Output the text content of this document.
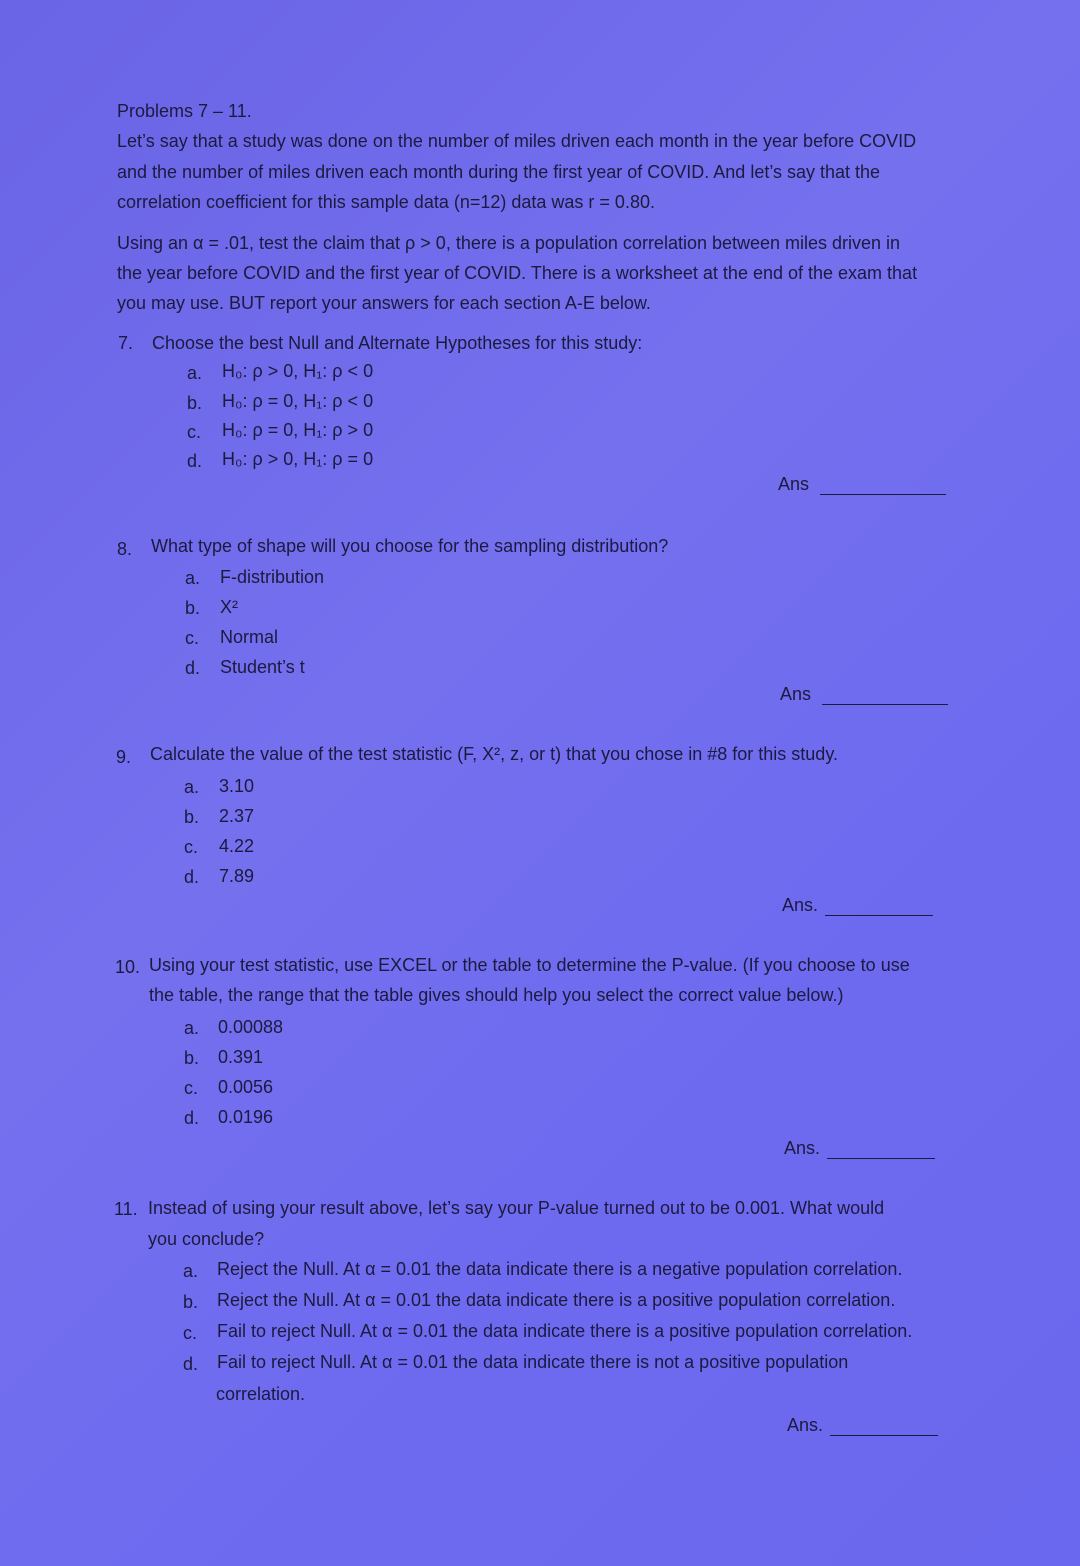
Problems 7 – 11.
Let’s say that a study was done on the number of miles driven each month in the year before COVID
and the number of miles driven each month during the first year of COVID. And let’s say that the
correlation coefficient for this sample data (n=12) data was r = 0.80.
Using an α = .01, test the claim that ρ > 0, there is a population correlation between miles driven in
the year before COVID and the first year of COVID. There is a worksheet at the end of the exam that
you may use. BUT report your answers for each section A-E below.
7. Choose the best Null and Alternate Hypotheses for this study:
a. H₀: ρ > 0, H₁: ρ < 0
b. H₀: ρ = 0, H₁: ρ < 0
c. H₀: ρ = 0, H₁: ρ > 0
d. H₀: ρ > 0, H₁: ρ = 0
Ans
8. What type of shape will you choose for the sampling distribution?
a. F-distribution
b. X²
c. Normal
d. Student’s t
Ans
9. Calculate the value of the test statistic (F, X², z, or t) that you chose in #8 for this study.
a. 3.10
b. 2.37
c. 4.22
d. 7.89
Ans.
10. Using your test statistic, use EXCEL or the table to determine the P-value. (If you choose to use
the table, the range that the table gives should help you select the correct value below.)
a. 0.00088
b. 0.391
c. 0.0056
d. 0.0196
Ans.
11. Instead of using your result above, let’s say your P-value turned out to be 0.001. What would
you conclude?
a. Reject the Null. At α = 0.01 the data indicate there is a negative population correlation.
b. Reject the Null. At α = 0.01 the data indicate there is a positive population correlation.
c. Fail to reject Null. At α = 0.01 the data indicate there is a positive population correlation.
d. Fail to reject Null. At α = 0.01 the data indicate there is not a positive population
correlation.
Ans.
